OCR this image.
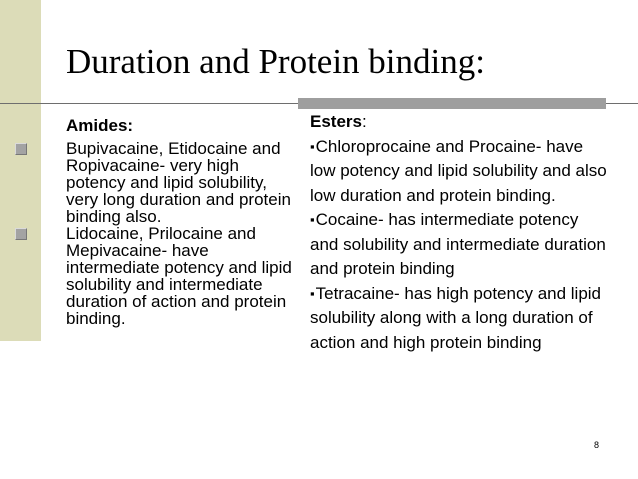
Duration and Protein binding:
Amides:
Bupivacaine, Etidocaine and Ropivacaine- very high potency and lipid solubility, very long duration and protein binding also.
Lidocaine, Prilocaine and Mepivacaine- have intermediate potency and lipid solubility and intermediate duration of action and protein binding.
Esters:
▪Chloroprocaine and Procaine- have low potency and lipid solubility and also low duration and protein binding.
▪Cocaine- has intermediate potency and solubility and intermediate duration and protein binding
▪Tetracaine- has high potency and lipid solubility along with a long duration of action and high protein binding
8
